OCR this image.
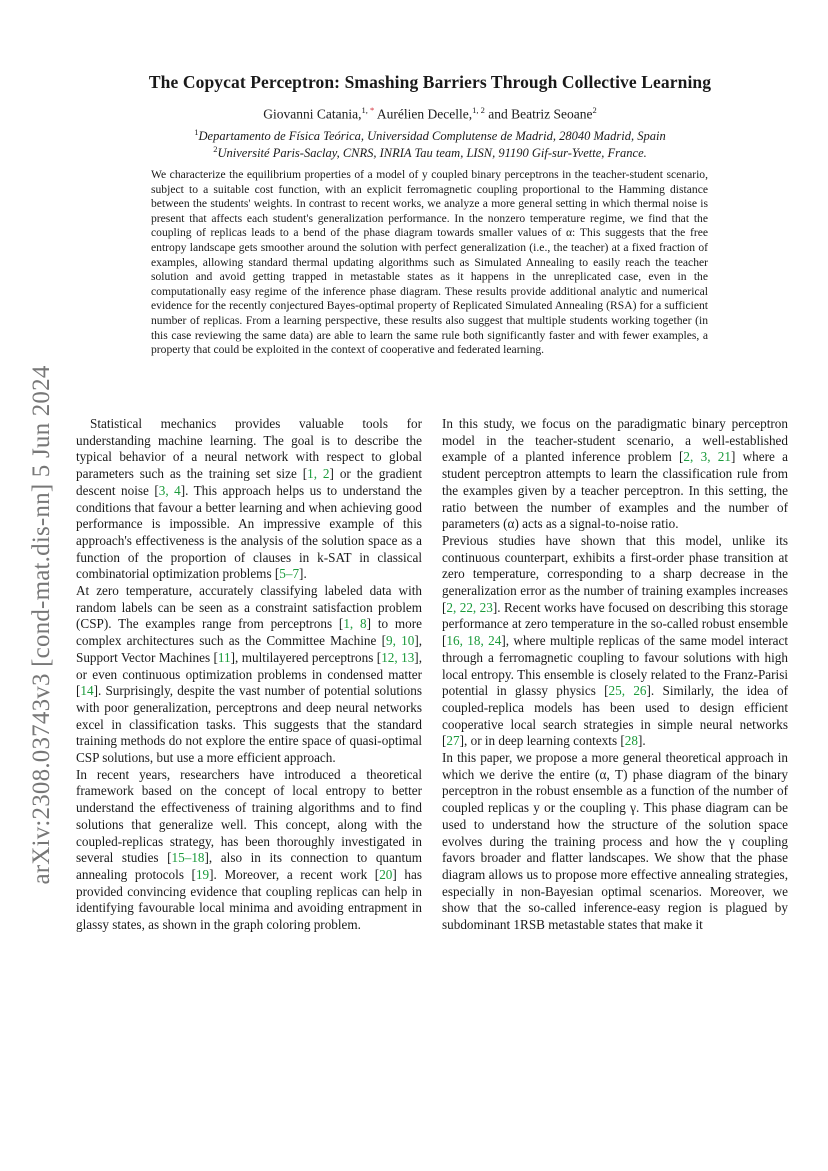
arXiv:2308.03743v3 [cond-mat.dis-nn] 5 Jun 2024
The Copycat Perceptron: Smashing Barriers Through Collective Learning
Giovanni Catania,$^{1, *}$ Aurélien Decelle,$^{1, 2}$ and Beatriz Seoane$^2$
$^1$Departamento de Física Teórica, Universidad Complutense de Madrid, 28040 Madrid, Spain
$^2$Université Paris-Saclay, CNRS, INRIA Tau team, LISN, 91190 Gif-sur-Yvette, France.
We characterize the equilibrium properties of a model of y coupled binary perceptrons in the teacher-student scenario, subject to a suitable cost function, with an explicit ferromagnetic coupling proportional to the Hamming distance between the students' weights. In contrast to recent works, we analyze a more general setting in which thermal noise is present that affects each student's generalization performance. In the nonzero temperature regime, we find that the coupling of replicas leads to a bend of the phase diagram towards smaller values of α: This suggests that the free entropy landscape gets smoother around the solution with perfect generalization (i.e., the teacher) at a fixed fraction of examples, allowing standard thermal updating algorithms such as Simulated Annealing to easily reach the teacher solution and avoid getting trapped in metastable states as it happens in the unreplicated case, even in the computationally easy regime of the inference phase diagram. These results provide additional analytic and numerical evidence for the recently conjectured Bayes-optimal property of Replicated Simulated Annealing (RSA) for a sufficient number of replicas. From a learning perspective, these results also suggest that multiple students working together (in this case reviewing the same data) are able to learn the same rule both significantly faster and with fewer examples, a property that could be exploited in the context of cooperative and federated learning.

Statistical mechanics provides valuable tools for understanding machine learning. The goal is to describe the typical behavior of a neural network with respect to global parameters such as the training set size [1, 2] or the gradient descent noise [3, 4]. This approach helps us to understand the conditions that favour a better learning and when achieving good performance is impossible. An impressive example of this approach's effectiveness is the analysis of the solution space as a function of the proportion of clauses in k-SAT in classical combinatorial optimization problems [5–7].

At zero temperature, accurately classifying labeled data with random labels can be seen as a constraint satisfaction problem (CSP). The examples range from perceptrons [1, 8] to more complex architectures such as the Committee Machine [9, 10], Support Vector Machines [11], multilayered perceptrons [12, 13], or even continuous optimization problems in condensed matter [14]. Surprisingly, despite the vast number of potential solutions with poor generalization, perceptrons and deep neural networks excel in classification tasks. This suggests that the standard training methods do not explore the entire space of quasi-optimal CSP solutions, but use a more efficient approach.

In recent years, researchers have introduced a theoretical framework based on the concept of local entropy to better understand the effectiveness of training algorithms and to find solutions that generalize well. This concept, along with the coupled-replicas strategy, has been thoroughly investigated in several studies [15–18], also in its connection to quantum annealing protocols [19]. Moreover, a recent work [20] has provided convincing evidence that coupling replicas can help in identifying favourable local minima and avoiding entrapment in glassy states, as shown in the graph coloring problem.

In this study, we focus on the paradigmatic binary perceptron model in the teacher-student scenario, a well-established example of a planted inference problem [2, 3, 21] where a student perceptron attempts to learn the classification rule from the examples given by a teacher perceptron. In this setting, the ratio between the number of examples and the number of parameters (α) acts as a signal-to-noise ratio.

Previous studies have shown that this model, unlike its continuous counterpart, exhibits a first-order phase transition at zero temperature, corresponding to a sharp decrease in the generalization error as the number of training examples increases [2, 22, 23]. Recent works have focused on describing this storage performance at zero temperature in the so-called robust ensemble [16, 18, 24], where multiple replicas of the same model interact through a ferromagnetic coupling to favour solutions with high local entropy. This ensemble is closely related to the Franz-Parisi potential in glassy physics [25, 26]. Similarly, the idea of coupled-replica models has been used to design efficient cooperative local search strategies in simple neural networks [27], or in deep learning contexts [28].

In this paper, we propose a more general theoretical approach in which we derive the entire (α, T) phase diagram of the binary perceptron in the robust ensemble as a function of the number of coupled replicas y or the coupling γ. This phase diagram can be used to understand how the structure of the solution space evolves during the training process and how the γ coupling favors broader and flatter landscapes. We show that the phase diagram allows us to propose more effective annealing strategies, especially in non-Bayesian optimal scenarios. Moreover, we show that the so-called inference-easy region is plagued by subdominant 1RSB metastable states that make it
